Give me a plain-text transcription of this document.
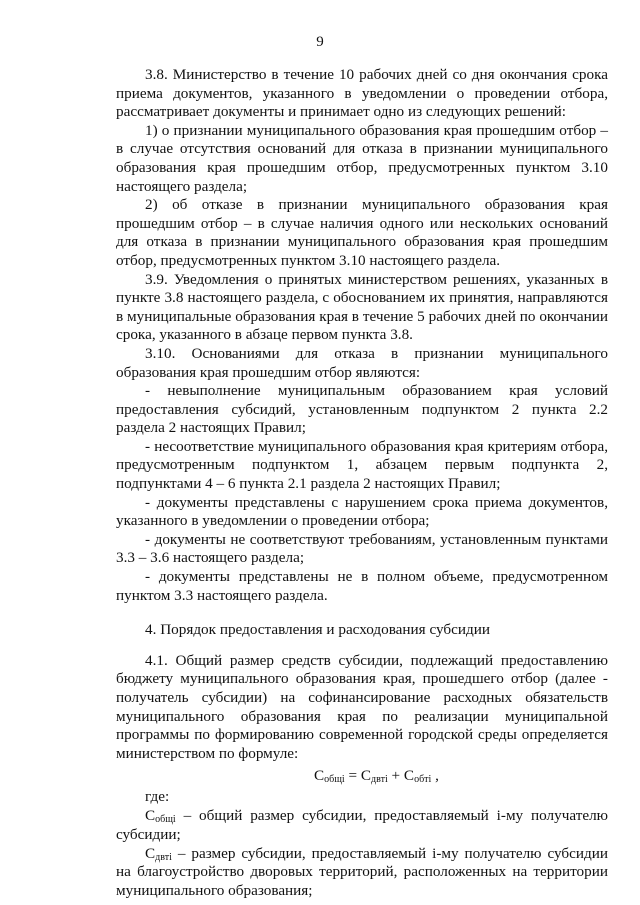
9

3.8. Министерство в течение 10 рабочих дней со дня окончания срока приема документов, указанного в уведомлении о проведении отбора, рассматривает документы и принимает одно из следующих решений:

1) о признании муниципального образования края прошедшим отбор – в случае отсутствия оснований для отказа в признании муниципального образования края прошедшим отбор, предусмотренных пунктом 3.10 настоящего раздела;

2) об отказе в признании муниципального образования края прошедшим отбор – в случае наличия одного или нескольких оснований для отказа в признании муниципального образования края прошедшим отбор, предусмотренных пунктом 3.10 настоящего раздела.

3.9. Уведомления о принятых министерством решениях, указанных в пункте 3.8 настоящего раздела, с обоснованием их принятия, направляются в муниципальные образования края в течение 5 рабочих дней по окончании срока, указанного в абзаце первом пункта 3.8.

3.10. Основаниями для отказа в признании муниципального образования края прошедшим отбор являются:

- невыполнение муниципальным образованием края условий предоставления субсидий, установленным подпунктом 2 пункта 2.2 раздела 2 настоящих Правил;

- несоответствие муниципального образования края критериям отбора, предусмотренным подпунктом 1, абзацем первым подпункта 2, подпунктами 4 – 6 пункта 2.1 раздела 2 настоящих Правил;

- документы представлены с нарушением срока приема документов, указанного в уведомлении о проведении отбора;

- документы не соответствуют требованиям, установленным пунктами 3.3 – 3.6 настоящего раздела;

- документы представлены не в полном объеме, предусмотренном пунктом 3.3 настоящего раздела.

4. Порядок предоставления и расходования субсидии

4.1. Общий размер средств субсидии, подлежащий предоставлению бюджету муниципального образования края, прошедшего отбор (далее - получатель субсидии) на софинансирование расходных обязательств муниципального образования края по реализации муниципальной программы по формированию современной городской среды определяется министерством по формуле:

$С_{общi} = С_{двтi} + С_{обтi}$ ,

где:

$С_{общi}$ – общий размер субсидии, предоставляемый i-му получателю субсидии;

$С_{двтi}$ – размер субсидии, предоставляемый i-му получателю субсидии на благоустройство дворовых территорий, расположенных на территории муниципального образования;
